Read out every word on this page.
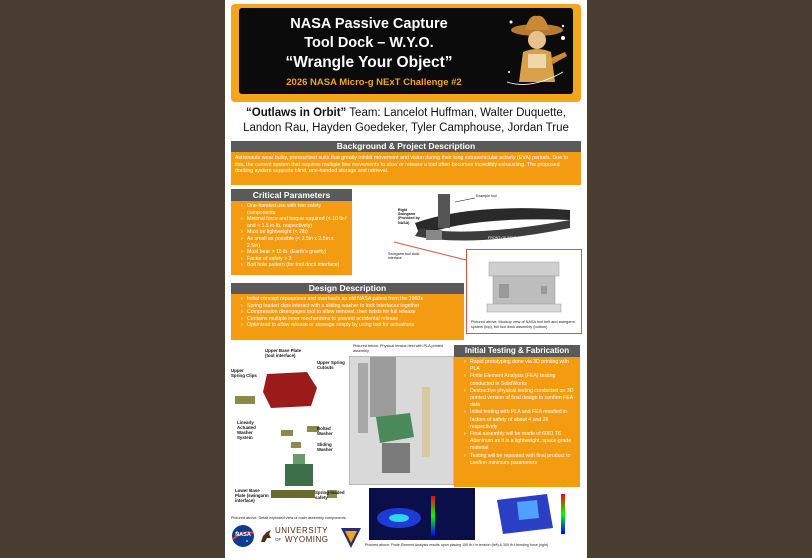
NASA Passive Capture
Tool Dock – W.Y.O.
“Wrangle Your Object”
2026 NASA Micro-g NExT Challenge #2
“Outlaws in Orbit” Team: Lancelot Huffman, Walter Duquette,
Landon Rau, Hayden Goedeker, Tyler Camphouse, Jordan True
Background & Project Description
Astronauts wear bulky, pressurized suits that greatly inhibit movement and vision during their long extravehicular activity (EVA) periods. Due to this, the current system that requires multiple fine movements to stow or release a tool often becomes incredibly exhausting. The proposed docking system supports blind, one-handed storage and retrieval.
Critical Parameters
› One-handed use with two safety components
› Minimal force and torque required (< 10 lb-f and < 1.5 in-lb, respectively)
› Must be lightweight (< 2lb)
› As small as possible (< 2.5in x 2.5in x 2.5in)
› Must bear > 15 lb. (Earth's gravity)
› Factor of safety > 3
› Bolt hole pattern (for tool dock interface)
Right Swingarm (Provided by NASA)
Example tool
FRONT OF BELT
Swingarm tool dock interface
Pictured above: Mockup view of NASA tool belt and swingarm system (top), full tool dock assembly (bottom)
Design Description
› Initial concept repurposes and overhauls an old NASA patent from the 1960s
› Spring loaded clips interact with a sliding washer to lock interfaces together
› Compression disengages tool to allow removal, then twists for full release
› Contains multiple inner mechanisms to prevent accidental release
› Optimized to allow release or stowage simply by using tool for actuations
Upper Base Plate (tool interface)
Upper Spring Clips
Upper Spring Cutouts
Linearly Actuated Washer System
Bolted Washer
Sliding Washer
Lower Base Plate (swingarm interface)
Spring-loaded safety
Pictured above: Detail exploded view of main assembly components
Pictured below: Physical tension test with PLA printed assembly	Initial Testing & Fabrication
› Rapid prototyping done via 3D printing with PLA
› Finite Element Analysis (FEA) testing conducted in SolidWorks
› Destructive physical testing conducted on 3D printed version of final design to confirm FEA data
› Initial testing with PLA and FEA resulted in factors of safety of about 4 and 26 respectively
› Final assembly will be made of 6061 T6 Aluminum as it is a lightweight, space-grade material
› Testing will be repeated with final product to confirm minimum parameters
Pictured above: Finite Element Analysis results upon placing 150 lb-f in tension (left) & 300 lb-f bending force (right)
NASA	UNIVERSITY
OF WYOMING
